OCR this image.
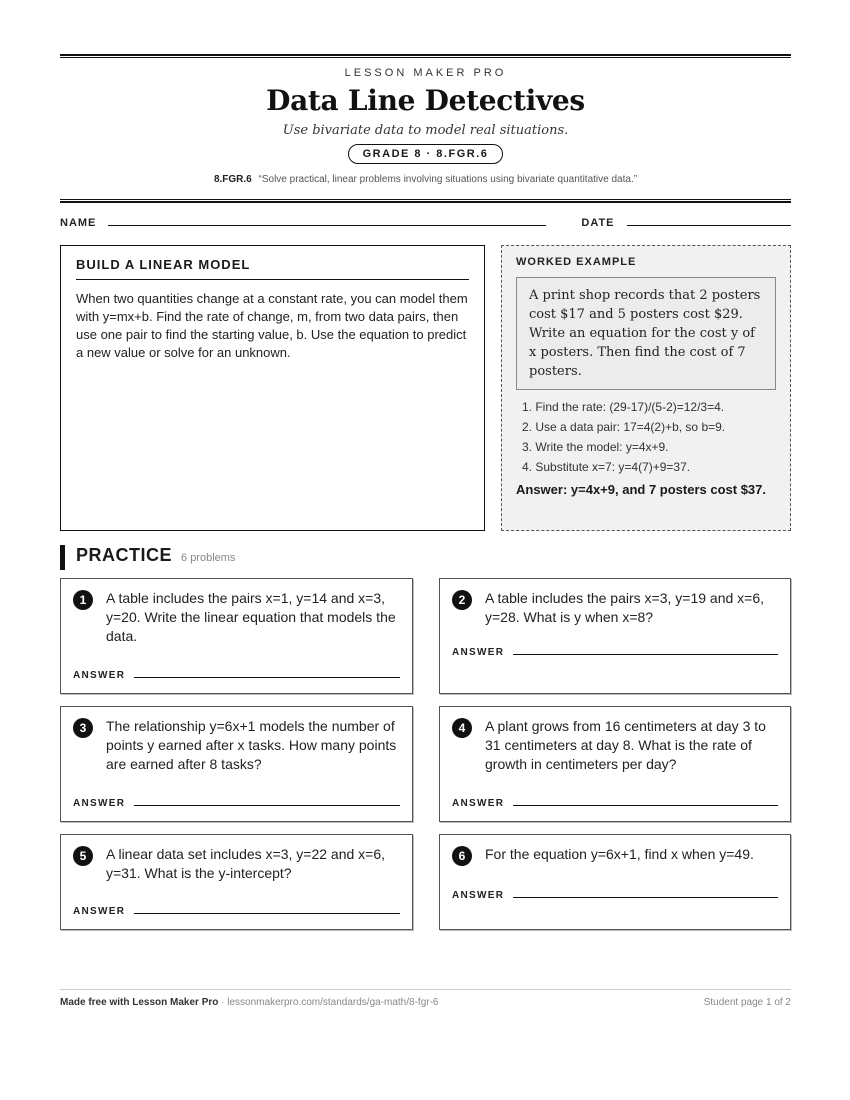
LESSON MAKER PRO
Data Line Detectives
Use bivariate data to model real situations.
GRADE 8 · 8.FGR.6
8.FGR.6 “Solve practical, linear problems involving situations using bivariate quantitative data.”
NAME	DATE
BUILD A LINEAR MODEL

When two quantities change at a constant rate, you can model them with y=mx+b. Find the rate of change, m, from two data pairs, then use one pair to find the starting value, b. Use the equation to predict a new value or solve for an unknown.

WORKED EXAMPLE
A print shop records that 2 posters cost $17 and 5 posters cost $29. Write an equation for the cost y of x posters. Then find the cost of 7 posters.
1. Find the rate: (29-17)/(5-2)=12/3=4.
2. Use a data pair: 17=4(2)+b, so b=9.
3. Write the model: y=4x+9.
4. Substitute x=7: y=4(7)+9=37.
Answer: y=4x+9, and 7 posters cost $37.
PRACTICE 6 problems
1	A table includes the pairs x=1, y=14 and x=3, y=20. Write the linear equation that models the data.
ANSWER
2	A table includes the pairs x=3, y=19 and x=6, y=28. What is y when x=8?
ANSWER
3	The relationship y=6x+1 models the number of points y earned after x tasks. How many points are earned after 8 tasks?
ANSWER
4	A plant grows from 16 centimeters at day 3 to 31 centimeters at day 8. What is the rate of growth in centimeters per day?
ANSWER
5	A linear data set includes x=3, y=22 and x=6, y=31. What is the y-intercept?
ANSWER
6	For the equation y=6x+1, find x when y=49.
ANSWER
Made free with Lesson Maker Pro · lessonmakerpro.com/standards/ga-math/8-fgr-6	Student page 1 of 2
